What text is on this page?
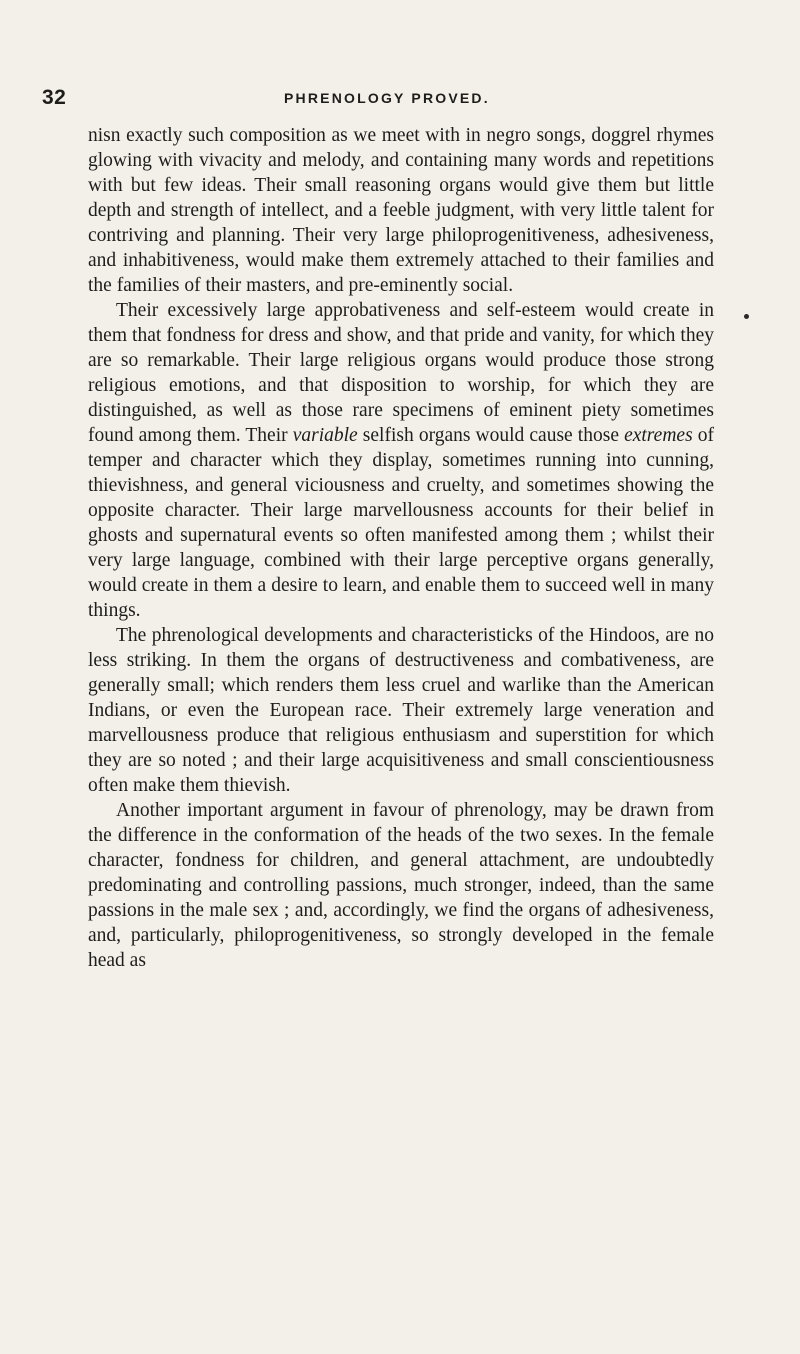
32	PHRENOLOGY PROVED.

nisn exactly such composition as we meet with in negro songs, doggrel rhymes glowing with vivacity and melody, and containing many words and repetitions with but few ideas. Their small reasoning organs would give them but little depth and strength of intellect, and a feeble judgment, with very little talent for contriving and planning. Their very large philoprogenitiveness, adhesiveness, and inhabitiveness, would make them extremely attached to their families and the families of their masters, and pre-eminently social.

Their excessively large approbativeness and self-esteem would create in them that fondness for dress and show, and that pride and vanity, for which they are so remarkable. Their large religious organs would produce those strong religious emotions, and that disposition to worship, for which they are distinguished, as well as those rare specimens of eminent piety sometimes found among them. Their variable selfish organs would cause those extremes of temper and character which they display, sometimes running into cunning, thievishness, and general viciousness and cruelty, and sometimes showing the opposite character. Their large marvellousness accounts for their belief in ghosts and supernatural events so often manifested among them ; whilst their very large language, combined with their large perceptive organs generally, would create in them a desire to learn, and enable them to succeed well in many things.

The phrenological developments and characteristicks of the Hindoos, are no less striking. In them the organs of destructiveness and combativeness, are generally small; which renders them less cruel and warlike than the American Indians, or even the European race. Their extremely large veneration and marvellousness produce that religious enthusiasm and superstition for which they are so noted ; and their large acquisitiveness and small conscientiousness often make them thievish.

Another important argument in favour of phrenology, may be drawn from the difference in the conformation of the heads of the two sexes. In the female character, fondness for children, and general attachment, are undoubtedly predominating and controlling passions, much stronger, indeed, than the same passions in the male sex ; and, accordingly, we find the organs of adhesiveness, and, particularly, philoprogenitiveness, so strongly developed in the female head as
